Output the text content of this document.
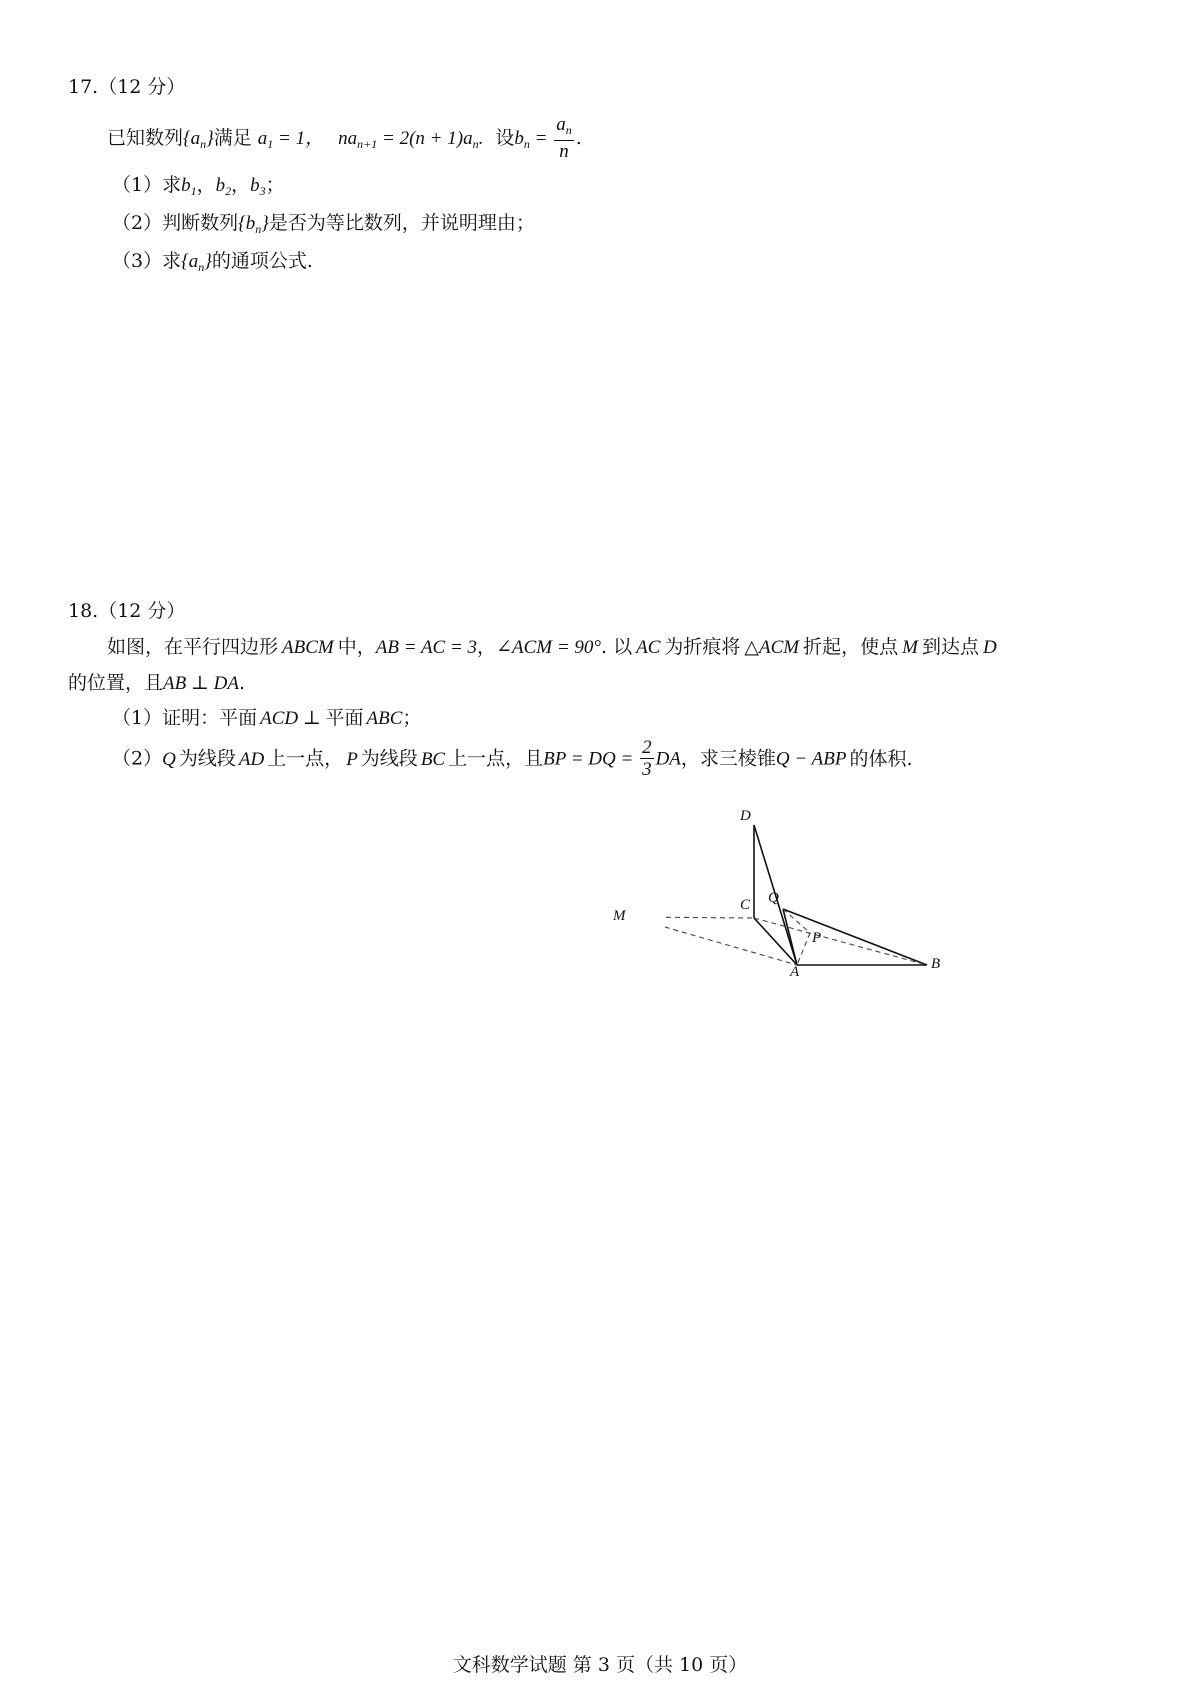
17.（12 分）
已知数列$\{a_n\}$满足 $a_1 = 1$， $na_{n+1} = 2(n + 1)a_n$. 设$b_n = \frac{a_n}{n}$ .
（1）求$b_1$，$b_2$，$b_3$；
（2）判断数列$\{b_n\}$是否为等比数列，并说明理由；
（3）求$\{a_n\}$的通项公式.
18.（12 分）
如图，在平行四边形 ABCM 中，AB = AC = 3，∠ACM = 90°. 以 AC 为折痕将 △ACM 折起，使点 M 到达点 D
的位置，且AB ⊥ DA.
（1）证明：平面 ACD ⊥ 平面 ABC；
（2）Q 为线段 AD 上一点， P 为线段 BC 上一点，且BP = DQ = $\frac{2}{3}$ DA，求三棱锥Q − ABP 的体积.
D
C Q
M
P
A	B
文科数学试题 第 3 页（共 10 页）
